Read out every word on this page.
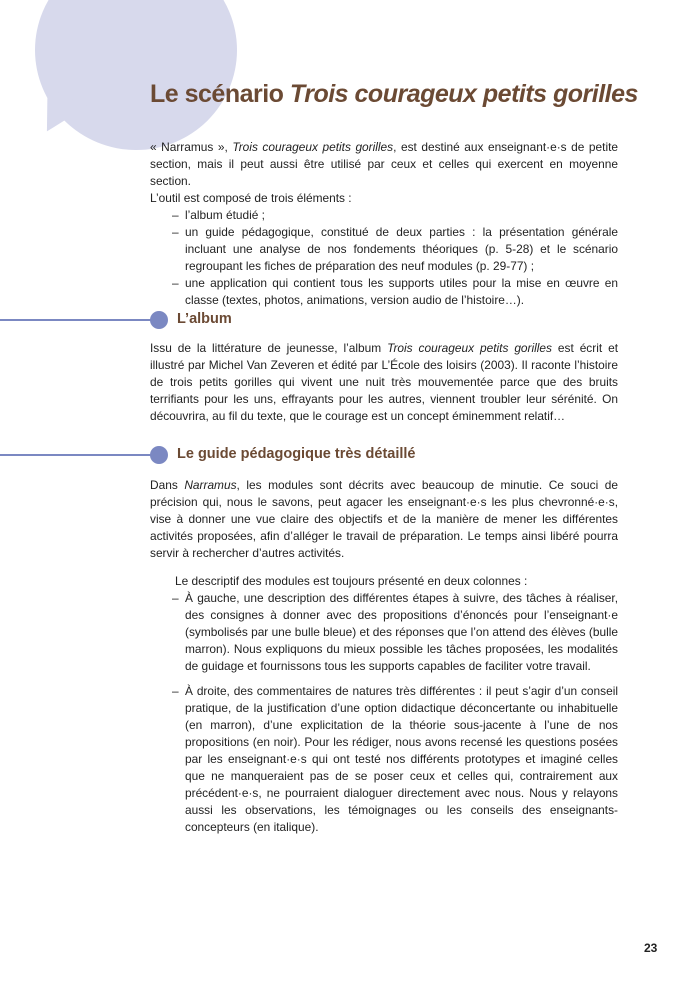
Le scénario Trois courageux petits gorilles

« Narramus », Trois courageux petits gorilles, est destiné aux enseignant·e·s de petite section, mais il peut aussi être utilisé par ceux et celles qui exercent en moyenne section.

L’outil est composé de trois éléments :

– l’album étudié ;
– un guide pédagogique, constitué de deux parties : la présentation générale incluant une analyse de nos fondements théoriques (p. 5-28) et le scénario regroupant les fiches de préparation des neuf modules (p. 29-77) ;
– une application qui contient tous les supports utiles pour la mise en œuvre en classe (textes, photos, animations, version audio de l’histoire…).
L’album

Issu de la littérature de jeunesse, l’album Trois courageux petits gorilles est écrit et illustré par Michel Van Zeveren et édité par L’École des loisirs (2003). Il raconte l’histoire de trois petits gorilles qui vivent une nuit très mouvementée parce que des bruits terrifiants pour les uns, effrayants pour les autres, viennent troubler leur sérénité. On découvrira, au fil du texte, que le courage est un concept éminemment relatif…

Le guide pédagogique très détaillé

Dans Narramus, les modules sont décrits avec beaucoup de minutie. Ce souci de précision qui, nous le savons, peut agacer les enseignant·e·s les plus chevronné·e·s, vise à donner une vue claire des objectifs et de la manière de mener les différentes activités proposées, afin d’alléger le travail de préparation. Le temps ainsi libéré pourra servir à rechercher d’autres activités.

Le descriptif des modules est toujours présenté en deux colonnes :

– À gauche, une description des différentes étapes à suivre, des tâches à réaliser, des consignes à donner avec des propositions d’énoncés pour l’enseignant·e (symbolisés par une bulle bleue) et des réponses que l’on attend des élèves (bulle marron). Nous expliquons du mieux possible les tâches proposées, les modalités de guidage et fournissons tous les supports capables de faciliter votre travail.
– À droite, des commentaires de natures très différentes : il peut s’agir d’un conseil pratique, de la justification d’une option didactique déconcertante ou inhabituelle (en marron), d’une explicitation de la théorie sous-jacente à l’une de nos propositions (en noir). Pour les rédiger, nous avons recensé les questions posées par les enseignant·e·s qui ont testé nos différents prototypes et imaginé celles que ne manqueraient pas de se poser ceux et celles qui, contrairement aux précédent·e·s, ne pourraient dialoguer directement avec nous. Nous y relayons aussi les observations, les témoignages ou les conseils des enseignants-concepteurs (en italique).
23
